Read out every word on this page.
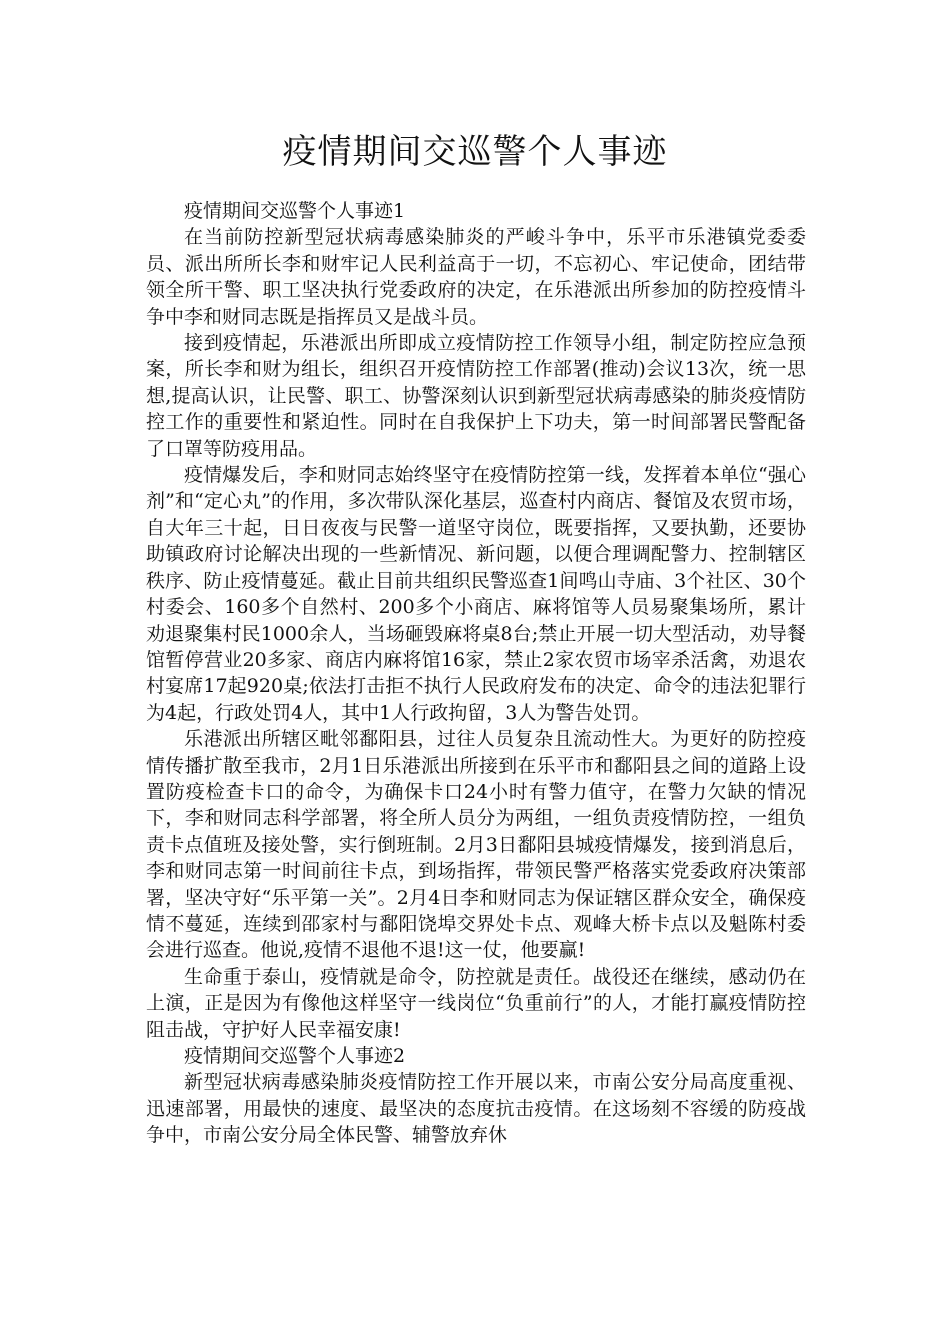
疫情期间交巡警个人事迹

疫情期间交巡警个人事迹1

在当前防控新型冠状病毒感染肺炎的严峻斗争中，乐平市乐港镇党委委员、派出所所长李和财牢记人民利益高于一切，不忘初心、牢记使命，团结带领全所干警、职工坚决执行党委政府的决定，在乐港派出所参加的防控疫情斗争中李和财同志既是指挥员又是战斗员。

接到疫情起，乐港派出所即成立疫情防控工作领导小组，制定防控应急预案，所长李和财为组长，组织召开疫情防控工作部署(推动)会议13次，统一思想,提高认识，让民警、职工、协警深刻认识到新型冠状病毒感染的肺炎疫情防控工作的重要性和紧迫性。同时在自我保护上下功夫，第一时间部署民警配备了口罩等防疫用品。

疫情爆发后，李和财同志始终坚守在疫情防控第一线，发挥着本单位“强心剂”和“定心丸”的作用，多次带队深化基层，巡查村内商店、餐馆及农贸市场，自大年三十起，日日夜夜与民警一道坚守岗位，既要指挥，又要执勤，还要协助镇政府讨论解决出现的一些新情况、新问题，以便合理调配警力、控制辖区秩序、防止疫情蔓延。截止目前共组织民警巡查1间鸣山寺庙、3个社区、30个村委会、160多个自然村、200多个小商店、麻将馆等人员易聚集场所，累计劝退聚集村民1000余人，当场砸毁麻将桌8台;禁止开展一切大型活动，劝导餐馆暂停营业20多家、商店内麻将馆16家，禁止2家农贸市场宰杀活禽，劝退农村宴席17起920桌;依法打击拒不执行人民政府发布的决定、命令的违法犯罪行为4起，行政处罚4人，其中1人行政拘留，3人为警告处罚。

乐港派出所辖区毗邻鄱阳县，过往人员复杂且流动性大。为更好的防控疫情传播扩散至我市，2月1日乐港派出所接到在乐平市和鄱阳县之间的道路上设置防疫检查卡口的命令，为确保卡口24小时有警力值守，在警力欠缺的情况下，李和财同志科学部署，将全所人员分为两组，一组负责疫情防控，一组负责卡点值班及接处警，实行倒班制。2月3日鄱阳县城疫情爆发，接到消息后，李和财同志第一时间前往卡点，到场指挥，带领民警严格落实党委政府决策部署，坚决守好“乐平第一关”。2月4日李和财同志为保证辖区群众安全，确保疫情不蔓延，连续到邵家村与鄱阳饶埠交界处卡点、观峰大桥卡点以及魁陈村委会进行巡查。他说,疫情不退他不退!这一仗，他要赢!

生命重于泰山，疫情就是命令，防控就是责任。战役还在继续，感动仍在上演，正是因为有像他这样坚守一线岗位“负重前行”的人，才能打赢疫情防控阻击战，守护好人民幸福安康!

疫情期间交巡警个人事迹2

新型冠状病毒感染肺炎疫情防控工作开展以来，市南公安分局高度重视、迅速部署，用最快的速度、最坚决的态度抗击疫情。在这场刻不容缓的防疫战争中，市南公安分局全体民警、辅警放弃休
